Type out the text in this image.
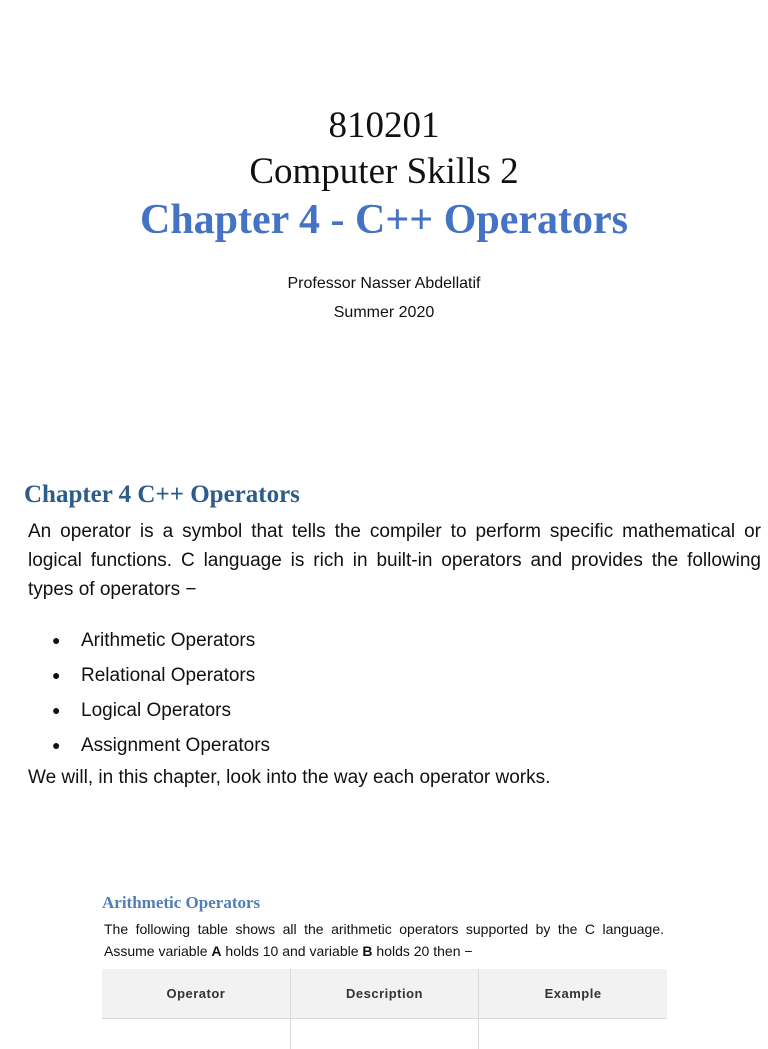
810201
Computer Skills 2
Chapter 4 - C++ Operators
Professor Nasser Abdellatif
Summer 2020
Chapter 4 C++ Operators

An operator is a symbol that tells the compiler to perform specific mathematical or logical functions. C language is rich in built-in operators and provides the following types of operators −

● Arithmetic Operators
● Relational Operators
● Logical Operators
● Assignment Operators
We will, in this chapter, look into the way each operator works.
Arithmetic Operators

The following table shows all the arithmetic operators supported by the C language. Assume variable A holds 10 and variable B holds 20 then −

Operator	Description	Example
